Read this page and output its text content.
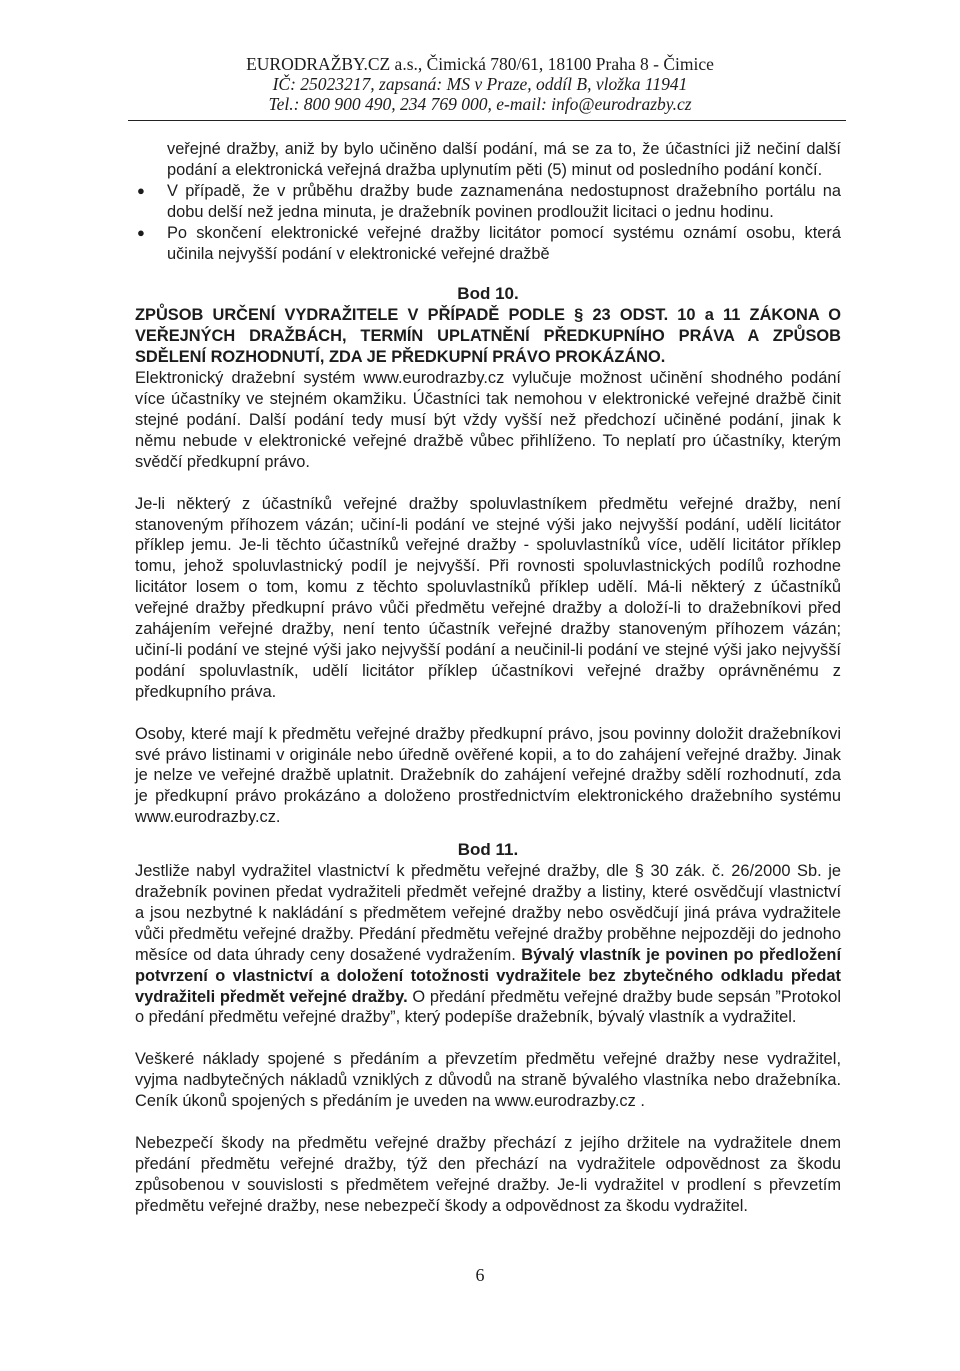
EURODRAŽBY.CZ a.s., Čimická 780/61, 18100 Praha 8 - Čimice
IČ: 25023217, zapsaná: MS v Praze, oddíl B, vložka 11941
Tel.: 800 900 490, 234 769 000, e-mail: info@eurodrazby.cz

veřejné dražby, aniž by bylo učiněno další podání, má se za to, že účastníci již nečiní další podání a elektronická veřejná dražba uplynutím pěti (5) minut od posledního podání končí.

● V případě, že v průběhu dražby bude zaznamenána nedostupnost dražebního portálu na dobu delší než jedna minuta, je dražebník povinen prodloužit licitaci o jednu hodinu.
● Po skončení elektronické veřejné dražby licitátor pomocí systému oznámí osobu, která učinila nejvyšší podání v elektronické veřejné dražbě

Bod 10.

ZPŮSOB URČENÍ VYDRAŽITELE V PŘÍPADĚ PODLE § 23 ODST. 10 a 11 ZÁKONA O VEŘEJNÝCH DRAŽBÁCH, TERMÍN UPLATNĚNÍ PŘEDKUPNÍHO PRÁVA A ZPŮSOB SDĚLENÍ ROZHODNUTÍ, ZDA JE PŘEDKUPNÍ PRÁVO PROKÁZÁNO.

Elektronický dražební systém www.eurodrazby.cz vylučuje možnost učinění shodného podání více účastníky ve stejném okamžiku. Účastníci tak nemohou v elektronické veřejné dražbě činit stejné podání. Další podání tedy musí být vždy vyšší než předchozí učiněné podání, jinak k němu nebude v elektronické veřejné dražbě vůbec přihlíženo. To neplatí pro účastníky, kterým svědčí předkupní právo.

Je-li některý z účastníků veřejné dražby spoluvlastníkem předmětu veřejné dražby, není stanoveným příhozem vázán; učiní-li podání ve stejné výši jako nejvyšší podání, udělí licitátor příklep jemu. Je-li těchto účastníků veřejné dražby - spoluvlastníků více, udělí licitátor příklep tomu, jehož spoluvlastnický podíl je nejvyšší. Při rovnosti spoluvlastnických podílů rozhodne licitátor losem o tom, komu z těchto spoluvlastníků příklep udělí. Má-li některý z účastníků veřejné dražby předkupní právo vůči předmětu veřejné dražby a doloží-li to dražebníkovi před zahájením veřejné dražby, není tento účastník veřejné dražby stanoveným příhozem vázán; učiní-li podání ve stejné výši jako nejvyšší podání a neučinil-li podání ve stejné výši jako nejvyšší podání spoluvlastník, udělí licitátor příklep účastníkovi veřejné dražby oprávněnému z předkupního práva.

Osoby, které mají k předmětu veřejné dražby předkupní právo, jsou povinny doložit dražebníkovi své právo listinami v originále nebo úředně ověřené kopii, a to do zahájení veřejné dražby. Jinak je nelze ve veřejné dražbě uplatnit. Dražebník do zahájení veřejné dražby sdělí rozhodnutí, zda je předkupní právo prokázáno a doloženo prostřednictvím elektronického dražebního systému www.eurodrazby.cz.

Bod 11.

Jestliže nabyl vydražitel vlastnictví k předmětu veřejné dražby, dle § 30 zák. č. 26/2000 Sb. je dražebník povinen předat vydražiteli předmět veřejné dražby a listiny, které osvědčují vlastnictví a jsou nezbytné k nakládání s předmětem veřejné dražby nebo osvědčují jiná práva vydražitele vůči předmětu veřejné dražby. Předání předmětu veřejné dražby proběhne nejpozději do jednoho měsíce od data úhrady ceny dosažené vydražením. Bývalý vlastník je povinen po předložení potvrzení o vlastnictví a doložení totožnosti vydražitele bez zbytečného odkladu předat vydražiteli předmět veřejné dražby. O předání předmětu veřejné dražby bude sepsán ”Protokol o předání předmětu veřejné dražby”, který podepíše dražebník, bývalý vlastník a vydražitel.

Veškeré náklady spojené s předáním a převzetím předmětu veřejné dražby nese vydražitel, vyjma nadbytečných nákladů vzniklých z důvodů na straně bývalého vlastníka nebo dražebníka. Ceník úkonů spojených s předáním je uveden na www.eurodrazby.cz .

Nebezpečí škody na předmětu veřejné dražby přechází z jejího držitele na vydražitele dnem předání předmětu veřejné dražby, týž den přechází na vydražitele odpovědnost za škodu způsobenou v souvislosti s předmětem veřejné dražby. Je-li vydražitel v prodlení s převzetím předmětu veřejné dražby, nese nebezpečí škody a odpovědnost za škodu vydražitel.

6
